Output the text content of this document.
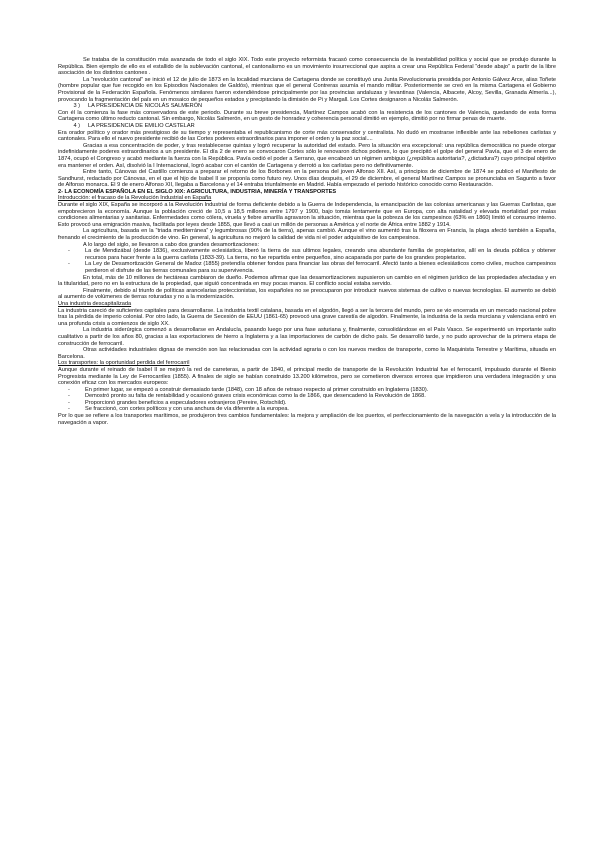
Se trataba de la constitución más avanzada de todo el siglo XIX. Todo este proyecto reformista fracasó como consecuencia de la inestabilidad política y social que se produjo durante la República. Bien ejemplo de ello es el estallido de la sublevación cantonal, el cantonalismo es un movimiento insurreccional que aspira a crear una República Federal “desde abajo” a partir de la libre asociación de los distintos cantones .

La “revolución cantonal” se inició el 12 de julio de 1873 en la localidad murciana de Cartagena donde se constituyó una Junta Revolucionaria presidida por Antonio Gálvez Arce, alias Toñete (hombre popular que fue recogido en los Episodios Nacionales de Galdós), mientras que el general Contreras asumía el mando militar. Posteriormente se creó en la misma Cartagena el Gobierno Provisional de la Federación Española. Fenómenos similares fueron extendiéndose principalmente por las provincias andaluzas y levantinas (Valencia, Albacete, Alcoy, Sevilla, Granada Almería...), provocando la fragmentación del país en un mosaico de pequeños estados y precipitando la dimisión de Pi y Margall. Los Cortes designaron a Nicolás Salmerón.

3 ) LA PRESIDENCIA DE NICOLÁS SALMERÓN

Con él la comienza la fase más conservadora de este periodo. Durante su breve presidencia, Martínez Campos acabó con la resistencia de los cantones de Valencia, quedando de esta forma Cartagena como último reducto cantonal. Sin embargo, Nicolás Salmerón, en un gesto de honradez y coherencia personal dimitió en ejemplo, dimitió por no firmar penas de muerte.

4 ) LA PRESIDENCIA DE EMILIO CASTELAR

Era orador político y orador más prestigioso de su tiempo y representaba el republicanismo de corte más conservador y centralista. No dudó en mostrarse inflexible ante las rebeliones carlistas y cantonales. Para ello el nuevo presidente recibió de las Cortes poderes extraordinarios para imponer el orden y la paz social....

Gracias a esa concentración de poder, y tras restablecerse quintas y logró recuperar la autoridad del estado. Pero la situación era excepcional: una república democrática no puede otorgar indefinidamente poderes extraordinarios a un presidente. El día 2 de enero se convocaron Cortes sólo le renovaron dichos poderes, lo que precipitó el golpe del general Pavía, que el 3 de enero de 1874, ocupó el Congreso y acabó mediante la fuerza con la República. Pavía cedió el poder a Serrano, que encabezó un régimen ambiguo (¿república autoritaria?, ¿dictadura?) cuyo principal objetivo era mantener el orden. Así, disolvió la I Internacional, logró acabar con el cantón de Cartagena y derrotó a los carlistas pero no definitivamente.

Entre tanto, Cánovas del Castillo comienza a preparar el retorno de los Borbones en la persona del joven Alfonso XII. Así, a principios de diciembre de 1874 se publicó el Manifiesto de Sandhurst, redactado por Cánovas, en el que el hijo de Isabel II se proponía como futuro rey. Unos días después, el 29 de diciembre, el general Martínez Campos se pronunciaba en Sagunto a favor de Alfonso monarca. El 9 de enero Alfonso XII, llegaba a Barcelona y el 14 entraba triunfalmente en Madrid. Había empezado el periodo histórico conocido como Restauración.

2- LA ECONOMÍA ESPAÑOLA EN EL SIGLO XIX: AGRICULTURA, INDUSTRIA, MINERÍA Y TRANSPORTES

Introducción: el fracaso de la Revolución Industrial en España

Durante el siglo XIX, España se incorporó a la Revolución Industrial de forma deficiente debido a la Guerra de Independencia, la emancipación de las colonias americanas y las Guerras Carlistas, que empobrecieron la economía. Aunque la población creció de 10,5 a 18,5 millones entre 1797 y 1900, bajo tomás lentamente que en Europa, con alta natalidad y elevada mortalidad por malas condiciones alimentarias y sanitarias. Enfermedades como cólera, viruela y fiebre amarilla agravaron la situación, mientras que la pobreza de los campesinos (63% en 1860) limitó el consumo interno. Esto provocó una emigración masiva, facilitada por leyes desde 1855, que llevó a casi un millón de personas a América y el norte de África entre 1882 y 1914.

La agricultura, basada en la “triada mediterránea” y legumbrosas (90% de la tierra), apenas cambió. Aunque el vino aumentó tras la filoxera en Francia, la plaga afectó también a España, frenando el crecimiento de la producción de vino. En general, la agricultura no mejoró la calidad de vida ni el poder adquisitivo de los campesinos.

A lo largo del siglo, se llevaron a cabo dos grandes desamortizaciones:

- La de Mendizábal (desde 1836), exclusivamente eclesiástica, liberó la tierra de sus ultimos legales, creando una abundante familia de propietarios, allí en la deuda pública y obtener recursos para hacer frente a la guerra carlista (1833-39). La tierra, no fue repartida entre pequeños, sino acaparada por parte de los grandes propietarios.
- La Ley de Desamortización General de Madoz (1855) pretendía obtener fondos para financiar las obras del ferrocarril. Afectó tanto a bienes eclesiásticos como civiles, muchos campesinos perdieron el disfrute de las tierras comunales para su supervivencia.

En total, más de 10 millones de hectáreas cambiaron de dueño. Podemos afirmar que las desamortizaciones supusieron un cambio en el régimen jurídico de las propiedades afectadas y en la titularidad, pero no en la estructura de la propiedad, que siguió concentrada en muy pocas manos. El conflicto social estaba servido.

Finalmente, debido al triunfo de políticas arancelarias proteccionistas, los españoles no se preocuparon por introducir nuevos sistemas de cultivo o nuevas tecnologías. El aumento se debió al aumento de volúmenes de tierras roturadas y no a la modernización.

Una industria descapitalizada

La industria careció de suficientes capitales para desarrollarse. La industria textil catalana, basada en el algodón, llegó a ser la tercera del mundo, pero se vio encerrada en un mercado nacional pobre tras la pérdida de imperio colonial. Por otro lado, la Guerra de Secesión de EEUU (1861-65) provocó una grave carestía de algodón. Finalmente, la industria de la seda murciana y valenciana entró en una profunda crisis a comienzos de siglo XX.

La industria siderúrgica comenzó a desarrollarse en Andalucía, pasando luego por una fase asturiana y, finalmente, consolidándose en el País Vasco. Se experimentó un importante salto cualitativo a partir de los años 80, gracias a las exportaciones de hierro a Inglaterra y a las importaciones de carbón de dicho país. Se desarrolló tarde, y no pudo aprovechar de la primera etapa de construcción de ferrocarril.

Otras actividades industriales dignas de mención son las relacionadas con la actividad agraria o con los nuevos medios de transporte, como la Maquinista Terrestre y Marítima, situada en Barcelona.

Los transportes: la oportunidad perdida del ferrocarril

Aunque durante el reinado de Isabel II se mejoró la red de carreteras, a partir de 1840, el principal medio de transporte de la Revolución Industrial fue el ferrocarril, impulsado durante el Bienio Progresista mediante la Ley de Ferrocarriles (1855). A finales de siglo se habían construido 13.200 kilómetros, pero se cometieron diversos errores que impidieron una verdadera integración y una conexión eficaz con los mercados europeos:

- En primer lugar, se empezó a construir demasiado tarde (1848), con 18 años de retraso respecto al primer construido en Inglaterra (1830).
- Demostró pronto su falta de rentabilidad y ocasionó graves crisis económicas como la de 1866, que desencadenó la Revolución de 1868.
- Proporcionó grandes beneficios a especuladores extranjeros (Pereire, Rotschild).
- Se fraccionó, con cortes políticos y con una anchura de vía diferente a la europea.

Por lo que se refiere a los transportes marítimos, se produjeron tres cambios fundamentales: la mejora y ampliación de los puertos, el perfeccionamiento de la navegación a vela y la introducción de la navegación a vapor.
